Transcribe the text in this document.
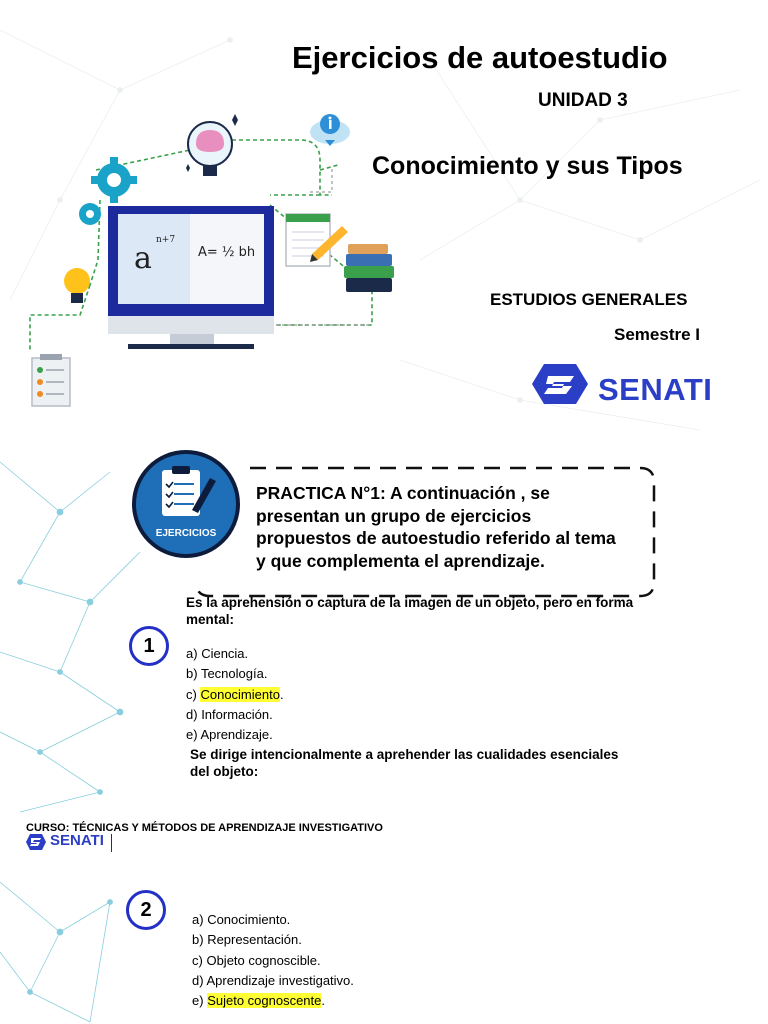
a
n+7
A= ½ bh
Ejercicios de autoestudio
UNIDAD 3
Conocimiento y sus Tipos
ESTUDIOS GENERALES
Semestre I
SENATI
EJERCICIOS
PRACTICA N°1: A continuación , se
presentan un grupo de ejercicios
propuestos de autoestudio referido al tema
y que complementa el aprendizaje.
1
Es la aprehensión o captura de la imagen de un objeto, pero en forma
mental:
a) Ciencia.
b) Tecnología.
c) Conocimiento.
d) Información.
e) Aprendizaje.
Se dirige intencionalmente a aprehender las cualidades esenciales
del objeto:
CURSO: TÉCNICAS Y MÉTODOS DE APRENDIZAJE INVESTIGATIVO
SENATI
2	a) Conocimiento.
b) Representación.
c) Objeto cognoscible.
d) Aprendizaje investigativo.
e) Sujeto cognoscente.
